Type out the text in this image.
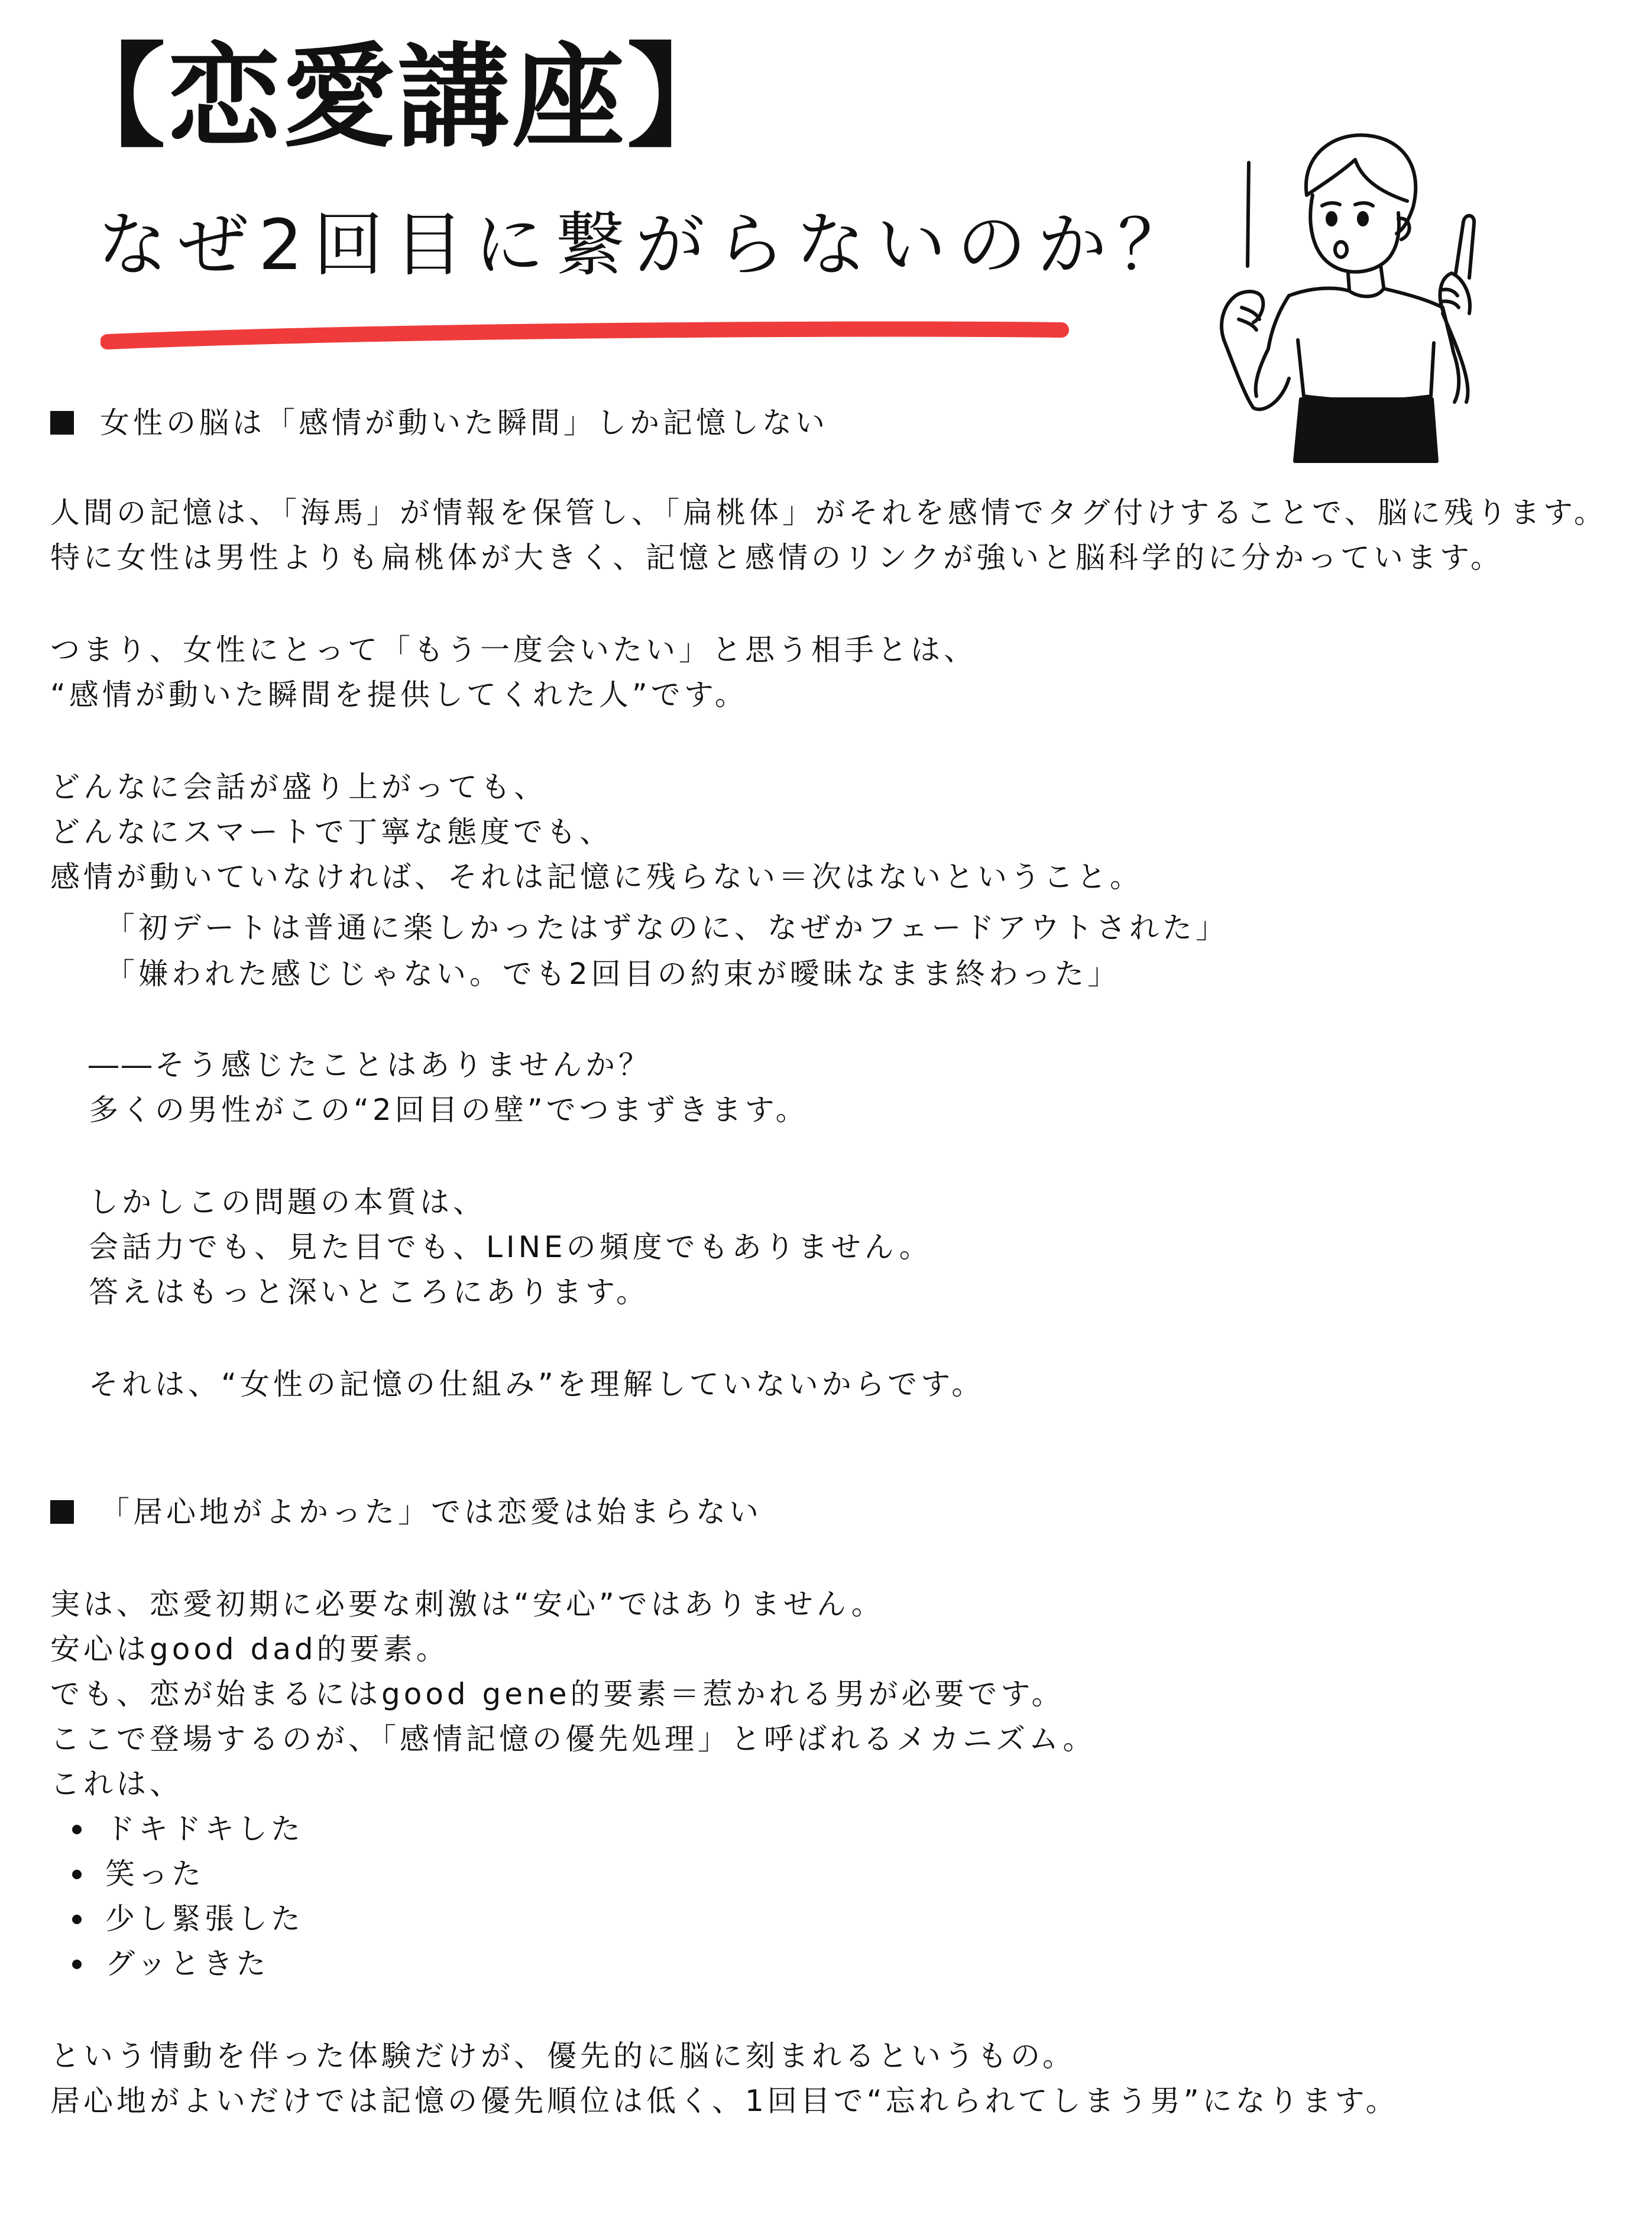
【恋愛講座】
なぜ2回目に繋がらないのか？
女性の脳は「感情が動いた瞬間」しか記憶しない
人間の記憶は、「海馬」が情報を保管し、「扁桃体」がそれを感情でタグ付けすることで、脳に残ります。
特に女性は男性よりも扁桃体が大きく、記憶と感情のリンクが強いと脳科学的に分かっています。
つまり、女性にとって「もう一度会いたい」と思う相手とは、
“感情が動いた瞬間を提供してくれた人”です。
どんなに会話が盛り上がっても、
どんなにスマートで丁寧な態度でも、
感情が動いていなければ、それは記憶に残らない＝次はないということ。
「初デートは普通に楽しかったはずなのに、なぜかフェードアウトされた」
「嫌われた感じじゃない。でも2回目の約束が曖昧なまま終わった」
――そう感じたことはありませんか？
多くの男性がこの“2回目の壁”でつまずきます。
しかしこの問題の本質は、
会話力でも、見た目でも、LINEの頻度でもありません。
答えはもっと深いところにあります。
それは、“女性の記憶の仕組み”を理解していないからです。
「居心地がよかった」では恋愛は始まらない
実は、恋愛初期に必要な刺激は“安心”ではありません。
安心はgood dad的要素。
でも、恋が始まるにはgood gene的要素＝惹かれる男が必要です。
ここで登場するのが、「感情記憶の優先処理」と呼ばれるメカニズム。
これは、
ドキドキした
笑った
少し緊張した
グッときた
という情動を伴った体験だけが、優先的に脳に刻まれるというもの。
居心地がよいだけでは記憶の優先順位は低く、1回目で“忘れられてしまう男”になります。
